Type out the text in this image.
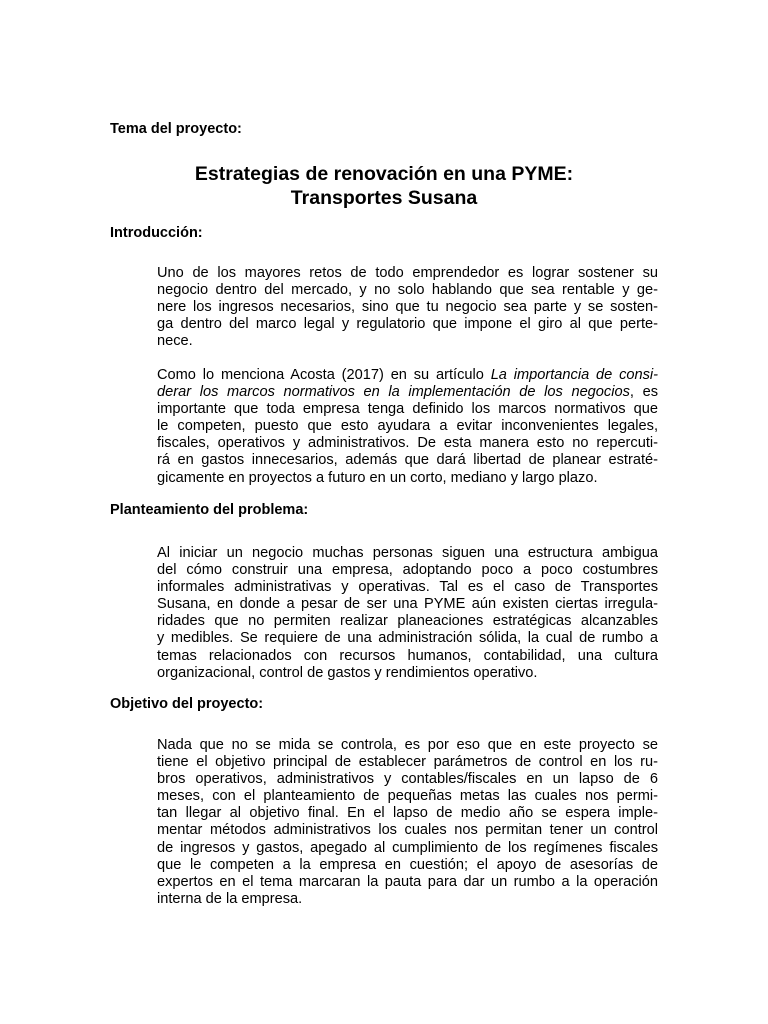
Tema del proyecto:

Estrategias de renovación en una PYME:
Transportes Susana

Introducción:

Uno de los mayores retos de todo emprendedor es lograr sostener su
negocio dentro del mercado, y no solo hablando que sea rentable y ge-
nere los ingresos necesarios, sino que tu negocio sea parte y se sosten-
ga dentro del marco legal y regulatorio que impone el giro al que perte-
nece.

Como lo menciona Acosta (2017) en su artículo La importancia de consi-
derar los marcos normativos en la implementación de los negocios, es
importante que toda empresa tenga definido los marcos normativos que
le competen, puesto que esto ayudara a evitar inconvenientes legales,
fiscales, operativos y administrativos. De esta manera esto no repercuti-
rá en gastos innecesarios, además que dará libertad de planear estraté-
gicamente en proyectos a futuro en un corto, mediano y largo plazo.

Planteamiento del problema:

Al iniciar un negocio muchas personas siguen una estructura ambigua
del cómo construir una empresa, adoptando poco a poco costumbres
informales administrativas y operativas. Tal es el caso de Transportes
Susana, en donde a pesar de ser una PYME aún existen ciertas irregula-
ridades que no permiten realizar planeaciones estratégicas alcanzables
y medibles. Se requiere de una administración sólida, la cual de rumbo a
temas relacionados con recursos humanos, contabilidad, una cultura
organizacional, control de gastos y rendimientos operativo.

Objetivo del proyecto:

Nada que no se mida se controla, es por eso que en este proyecto se
tiene el objetivo principal de establecer parámetros de control en los ru-
bros operativos, administrativos y contables/fiscales en un lapso de 6
meses, con el planteamiento de pequeñas metas las cuales nos permi-
tan llegar al objetivo final. En el lapso de medio año se espera imple-
mentar métodos administrativos los cuales nos permitan tener un control
de ingresos y gastos, apegado al cumplimiento de los regímenes fiscales
que le competen a la empresa en cuestión; el apoyo de asesorías de
expertos en el tema marcaran la pauta para dar un rumbo a la operación
interna de la empresa.
